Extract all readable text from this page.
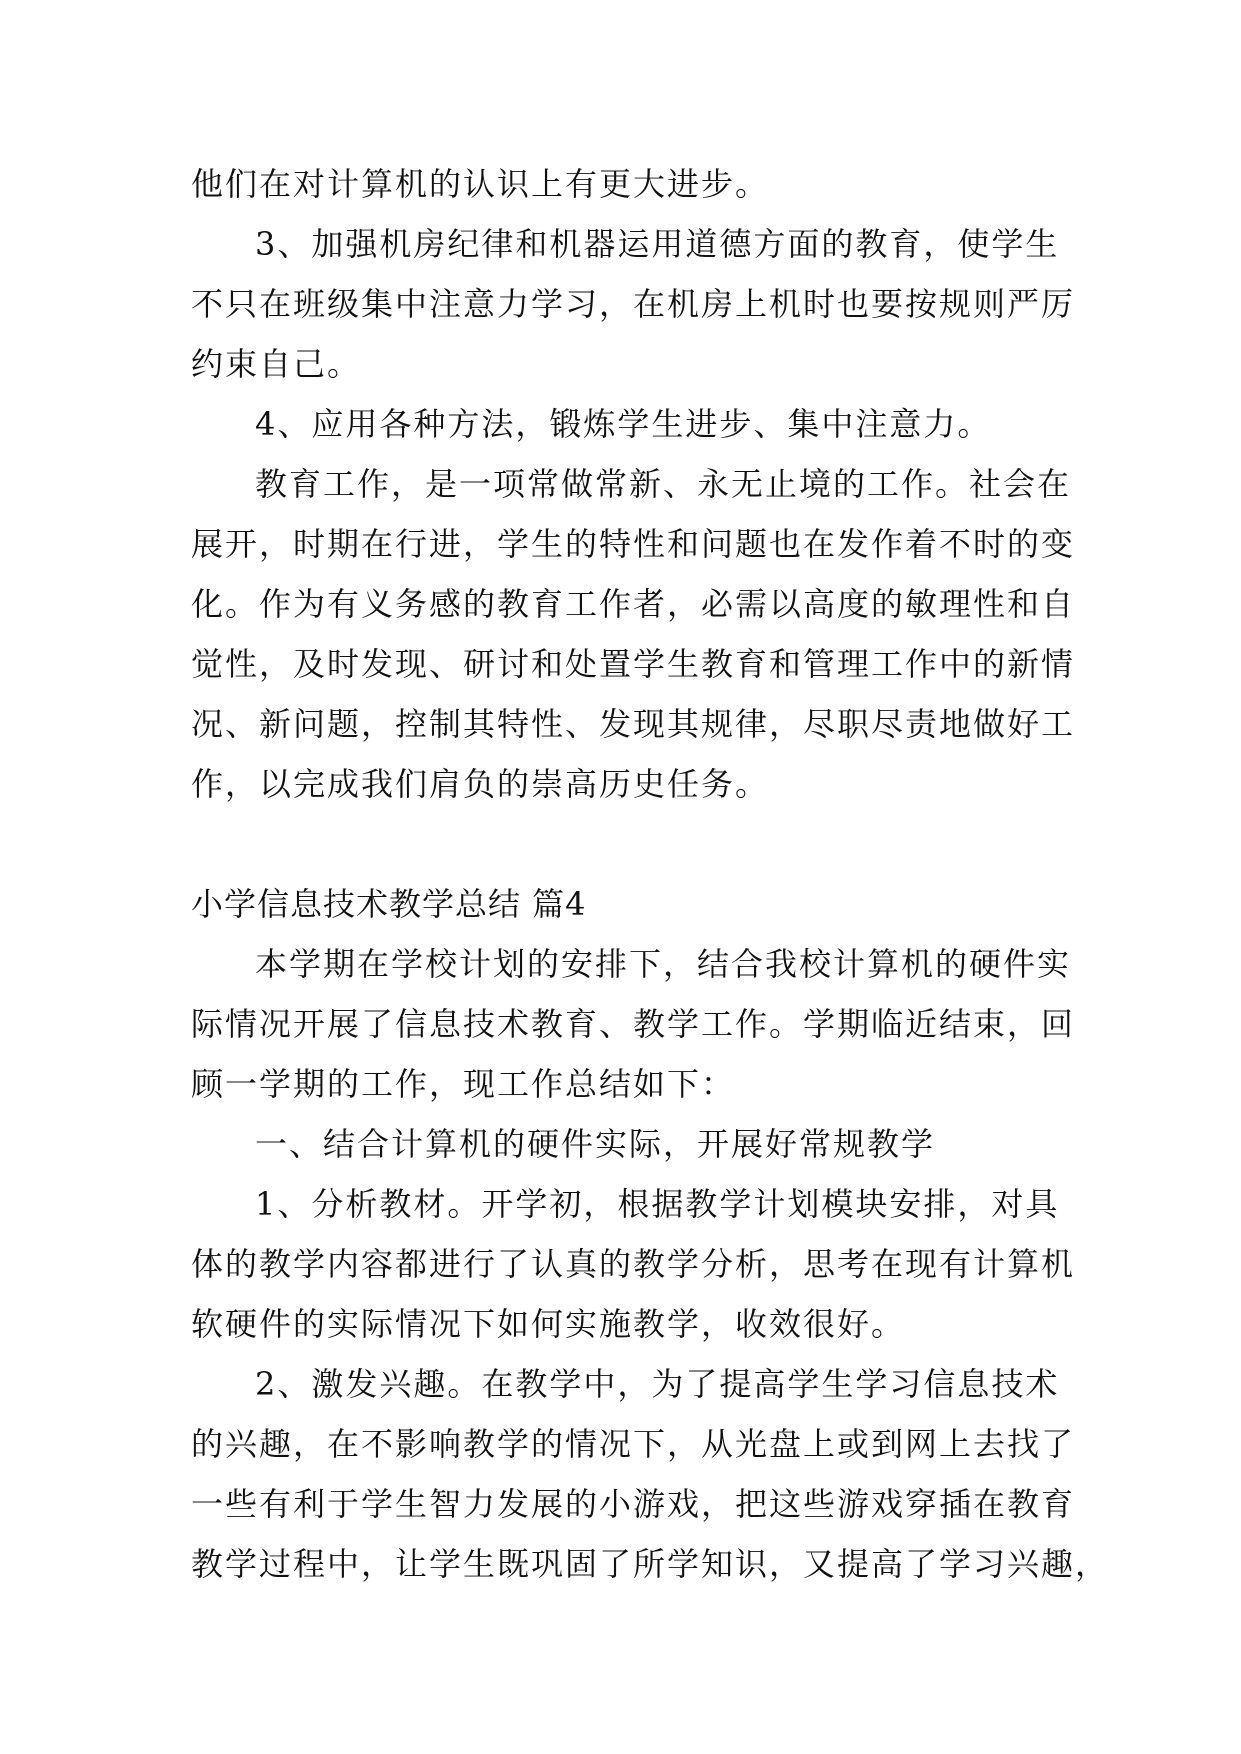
他们在对计算机的认识上有更大进步。

3、加强机房纪律和机器运用道德方面的教育，使学生
不只在班级集中注意力学习，在机房上机时也要按规则严厉
约束自己。

4、应用各种方法，锻炼学生进步、集中注意力。

教育工作，是一项常做常新、永无止境的工作。社会在
展开，时期在行进，学生的特性和问题也在发作着不时的变
化。作为有义务感的教育工作者，必需以高度的敏理性和自
觉性，及时发现、研讨和处置学生教育和管理工作中的新情
况、新问题，控制其特性、发现其规律，尽职尽责地做好工
作，以完成我们肩负的崇高历史任务。

小学信息技术教学总结 篇4

本学期在学校计划的安排下，结合我校计算机的硬件实
际情况开展了信息技术教育、教学工作。学期临近结束，回
顾一学期的工作，现工作总结如下：

一、结合计算机的硬件实际，开展好常规教学

1、分析教材。开学初，根据教学计划模块安排，对具
体的教学内容都进行了认真的教学分析，思考在现有计算机
软硬件的实际情况下如何实施教学，收效很好。

2、激发兴趣。在教学中，为了提高学生学习信息技术
的兴趣，在不影响教学的情况下，从光盘上或到网上去找了
一些有利于学生智力发展的小游戏，把这些游戏穿插在教育
教学过程中，让学生既巩固了所学知识，又提高了学习兴趣，
